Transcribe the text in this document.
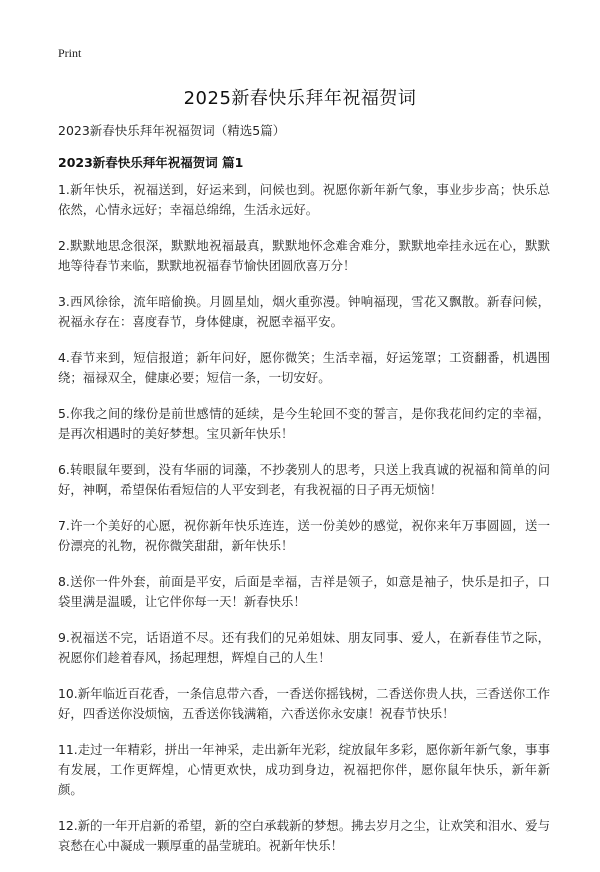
Print
2025新春快乐拜年祝福贺词
2023新春快乐拜年祝福贺词（精选5篇）
2023新春快乐拜年祝福贺词 篇1

1.新年快乐，祝福送到，好运来到，问候也到。祝愿你新年新气象，事业步步高；快乐总依然，心情永远好；幸福总绵绵，生活永远好。

2.默默地思念很深，默默地祝福最真，默默地怀念难舍难分，默默地牵挂永远在心，默默地等待春节来临，默默地祝福春节愉快团圆欣喜万分！

3.西风徐徐，流年暗偷换。月圆星灿，烟火重弥漫。钟响福现，雪花又飘散。新春问候，祝福永存在：喜度春节，身体健康，祝愿幸福平安。

4.春节来到，短信报道；新年问好，愿你微笑；生活幸福，好运笼罩；工资翻番，机遇围绕；福禄双全，健康必要；短信一条，一切安好。

5.你我之间的缘份是前世感情的延续，是今生轮回不变的誓言，是你我花间约定的幸福，是再次相遇时的美好梦想。宝贝新年快乐！

6.转眼鼠年要到，没有华丽的词藻，不抄袭别人的思考，只送上我真诚的祝福和简单的问好，神啊，希望保佑看短信的人平安到老，有我祝福的日子再无烦恼！

7.许一个美好的心愿，祝你新年快乐连连，送一份美妙的感觉，祝你来年万事圆圆，送一份漂亮的礼物，祝你微笑甜甜，新年快乐！

8.送你一件外套，前面是平安，后面是幸福，吉祥是领子，如意是袖子，快乐是扣子，口袋里满是温暖，让它伴你每一天！新春快乐！

9.祝福送不完，话语道不尽。还有我们的兄弟姐妹、朋友同事、爱人，在新春佳节之际，祝愿你们趁着春风，扬起理想，辉煌自己的人生！

10.新年临近百花香，一条信息带六香，一香送你摇钱树，二香送你贵人扶，三香送你工作好，四香送你没烦恼，五香送你钱满箱，六香送你永安康！祝春节快乐！

11.走过一年精彩，拼出一年神采，走出新年光彩，绽放鼠年多彩，愿你新年新气象，事事有发展，工作更辉煌，心情更欢快，成功到身边，祝福把你伴，愿你鼠年快乐，新年新颜。

12.新的一年开启新的希望，新的空白承载新的梦想。拂去岁月之尘，让欢笑和泪水、爱与哀愁在心中凝成一颗厚重的晶莹琥珀。祝新年快乐！
